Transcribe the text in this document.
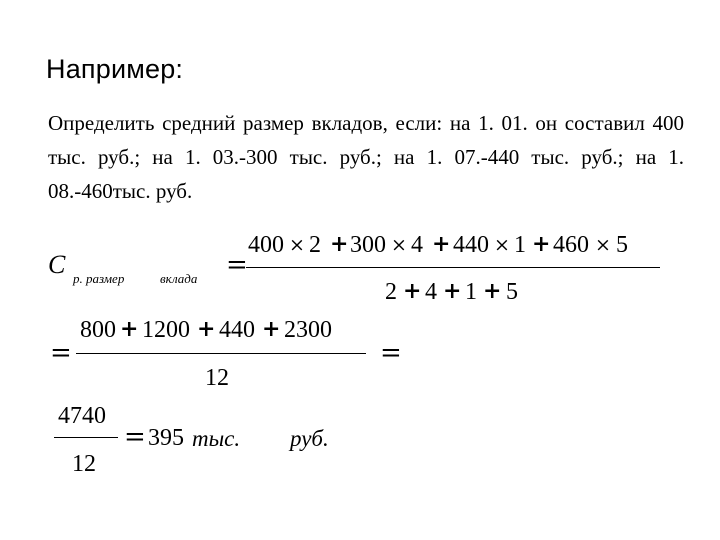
Например:
Определить средний размер вкладов, если: на 1. 01. он составил 400 тыс. руб.; на 1. 03.-300 тыс. руб.; на 1. 07.-440 тыс. руб.; на 1. 08.-460тыс. руб.
C р. размер	вклада =
400 × 2 + 300 × 4 + 440 × 1 + 460 × 5
2 + 4 + 1 + 5
=
800 + 1200 + 440 + 2300
12
=
4740
12
= 395 тыс. руб.
